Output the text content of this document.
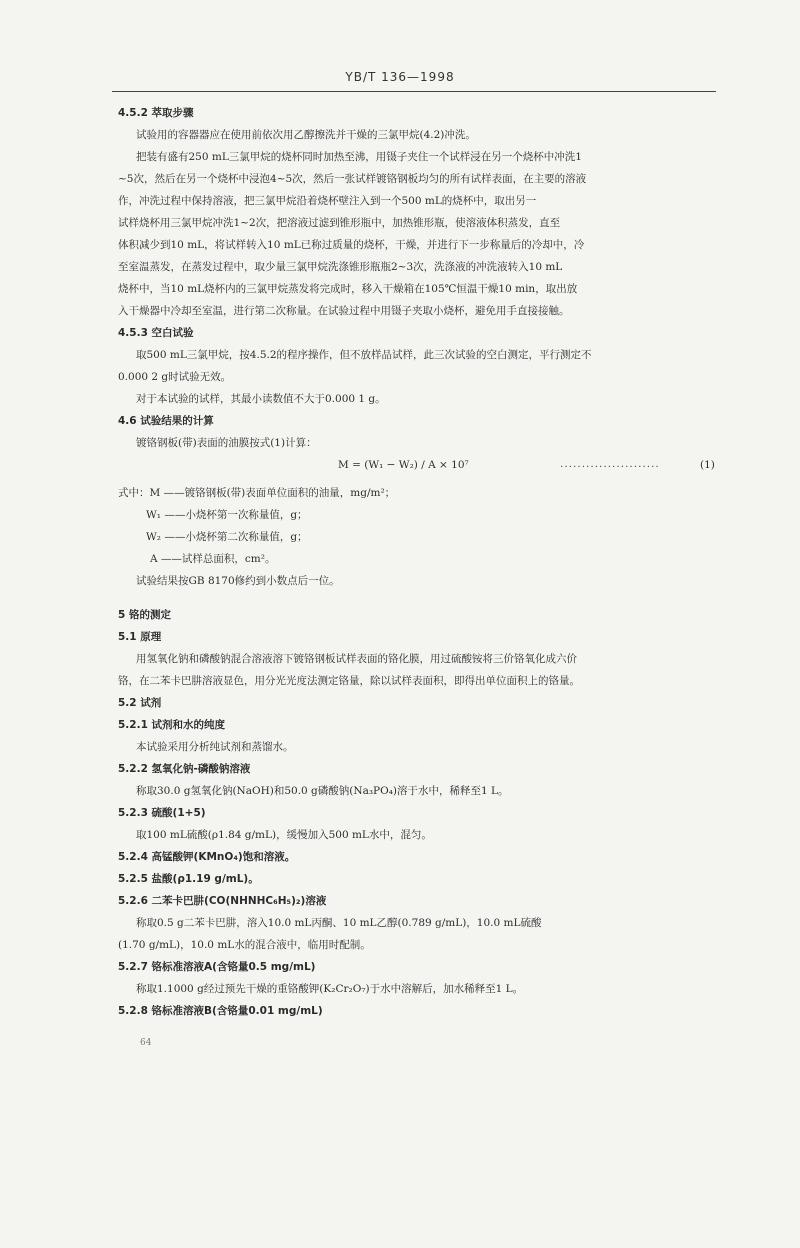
YB/T 136—1998
4.5.2 萃取步骤
试验用的容器器应在使用前依次用乙醇擦洗并干燥的三氯甲烷(4.2)冲洗。
把装有盛有250 mL三氯甲烷的烧杯同时加热至沸，用镊子夹住一个试样浸在另一个烧杯中冲洗1
~5次，然后在另一个烧杯中浸泡4~5次，然后一张试样镀铬钢板均匀的所有试样表面，在主要的溶液
作，冲洗过程中保持溶液，把三氯甲烷沿着烧杯壁注入到一个500 mL的烧杯中，取出另一
试样烧杯用三氯甲烷冲洗1~2次，把溶液过滤到锥形瓶中，加热锥形瓶，使溶液体积蒸发，直至
体积减少到10 mL，将试样转入10 mL已称过质量的烧杯，干燥，并进行下一步称量后的冷却中，冷
至室温蒸发，在蒸发过程中，取少量三氯甲烷洗涤锥形瓶瓶2~3次，洗涤液的冲洗液转入10 mL
烧杯中，当10 mL烧杯内的三氯甲烷蒸发将完成时，移入干燥箱在105℃恒温干燥10 min，取出放
入干燥器中冷却至室温，进行第二次称量。在试验过程中用镊子夹取小烧杯，避免用手直接接触。
4.5.3 空白试验
取500 mL三氯甲烷，按4.5.2的程序操作，但不放样品试样，此三次试验的空白测定，平行测定不
0.000 2 g时试验无效。
对于本试验的试样，其最小读数值不大于0.000 1 g。
4.6 试验结果的计算
镀铬钢板(带)表面的油膜按式(1)计算：
M = (W₁ − W₂) / A × 10⁷	.......................	(1)
式中：M ——镀铬钢板(带)表面单位面积的油量，mg/m²；
W₁ ——小烧杯第一次称量值，g；
W₂ ——小烧杯第二次称量值，g；
A ——试样总面积，cm²。
试验结果按GB 8170修约到小数点后一位。
5 铬的测定
5.1 原理
用氢氧化钠和磷酸钠混合溶液溶下镀铬钢板试样表面的铬化膜，用过硫酸铵将三价铬氧化成六价
铬，在二苯卡巴肼溶液显色，用分光光度法测定铬量，除以试样表面积，即得出单位面积上的铬量。
5.2 试剂
5.2.1 试剂和水的纯度
本试验采用分析纯试剂和蒸馏水。
5.2.2 氢氧化钠-磷酸钠溶液
称取30.0 g氢氧化钠(NaOH)和50.0 g磷酸钠(Na₃PO₄)溶于水中，稀释至1 L。
5.2.3 硫酸(1+5)
取100 mL硫酸(ρ1.84 g/mL)，缓慢加入500 mL水中，混匀。
5.2.4 高锰酸钾(KMnO₄)饱和溶液。
5.2.5 盐酸(ρ1.19 g/mL)。
5.2.6 二苯卡巴肼(CO(NHNHC₆H₅)₂)溶液
称取0.5 g二苯卡巴肼，溶入10.0 mL丙酮、10 mL乙醇(0.789 g/mL)，10.0 mL硫酸
(1.70 g/mL)，10.0 mL水的混合液中，临用时配制。
5.2.7 铬标准溶液A(含铬量0.5 mg/mL)
称取1.1000 g经过预先干燥的重铬酸钾(K₂Cr₂O₇)于水中溶解后，加水稀释至1 L。
5.2.8 铬标准溶液B(含铬量0.01 mg/mL)
64
